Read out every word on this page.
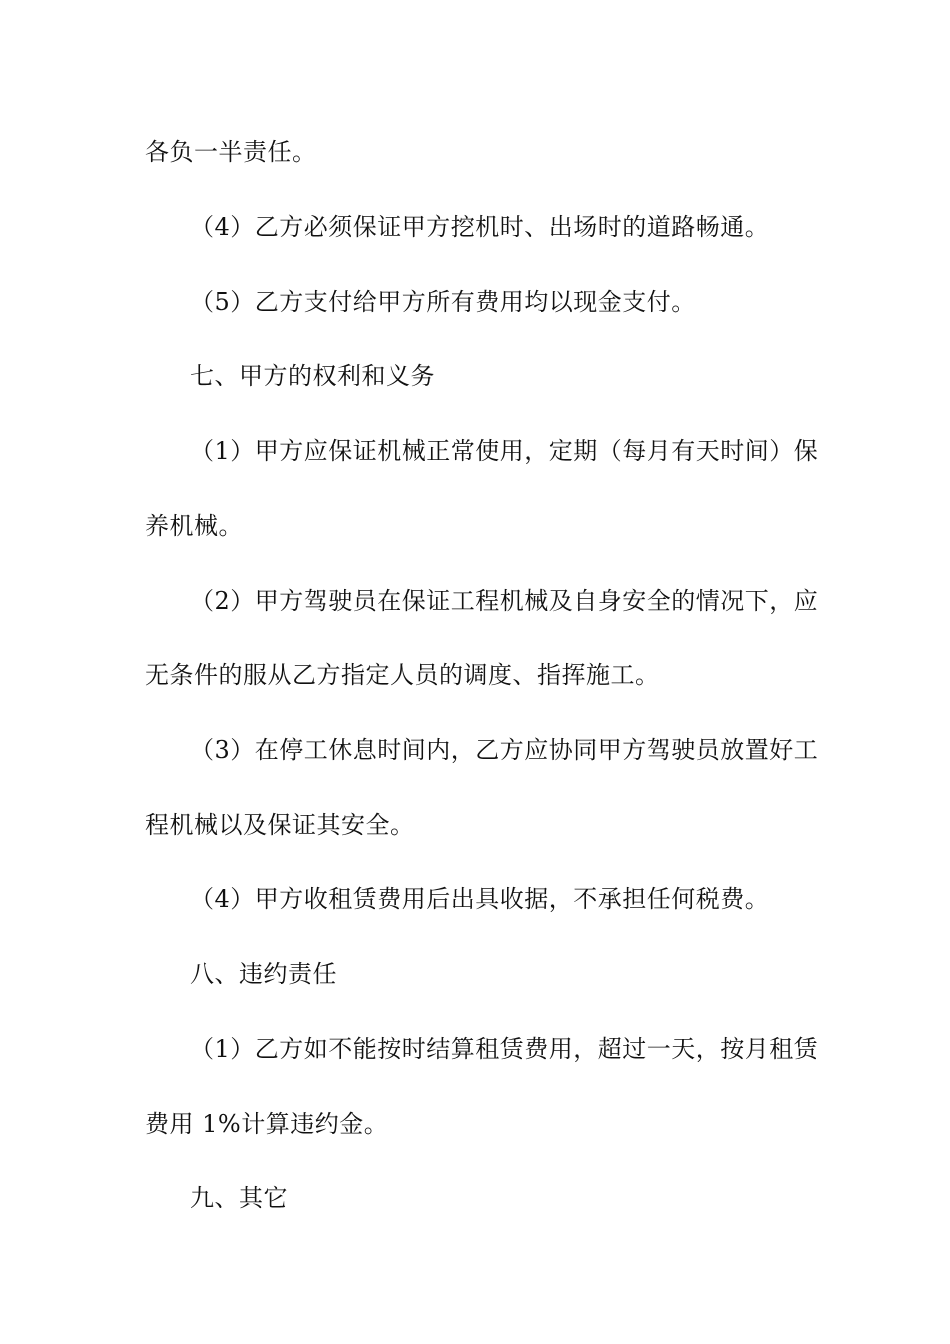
各负一半责任。
（4）乙方必须保证甲方挖机时、出场时的道路畅通。
（5）乙方支付给甲方所有费用均以现金支付。
七、甲方的权利和义务
（1）甲方应保证机械正常使用，定期（每月有天时间）保
养机械。
（2）甲方驾驶员在保证工程机械及自身安全的情况下，应
无条件的服从乙方指定人员的调度、指挥施工。
（3）在停工休息时间内，乙方应协同甲方驾驶员放置好工
程机械以及保证其安全。
（4）甲方收租赁费用后出具收据，不承担任何税费。
八、违约责任
（1）乙方如不能按时结算租赁费用，超过一天，按月租赁
费用 1%计算违约金。
九、其它
